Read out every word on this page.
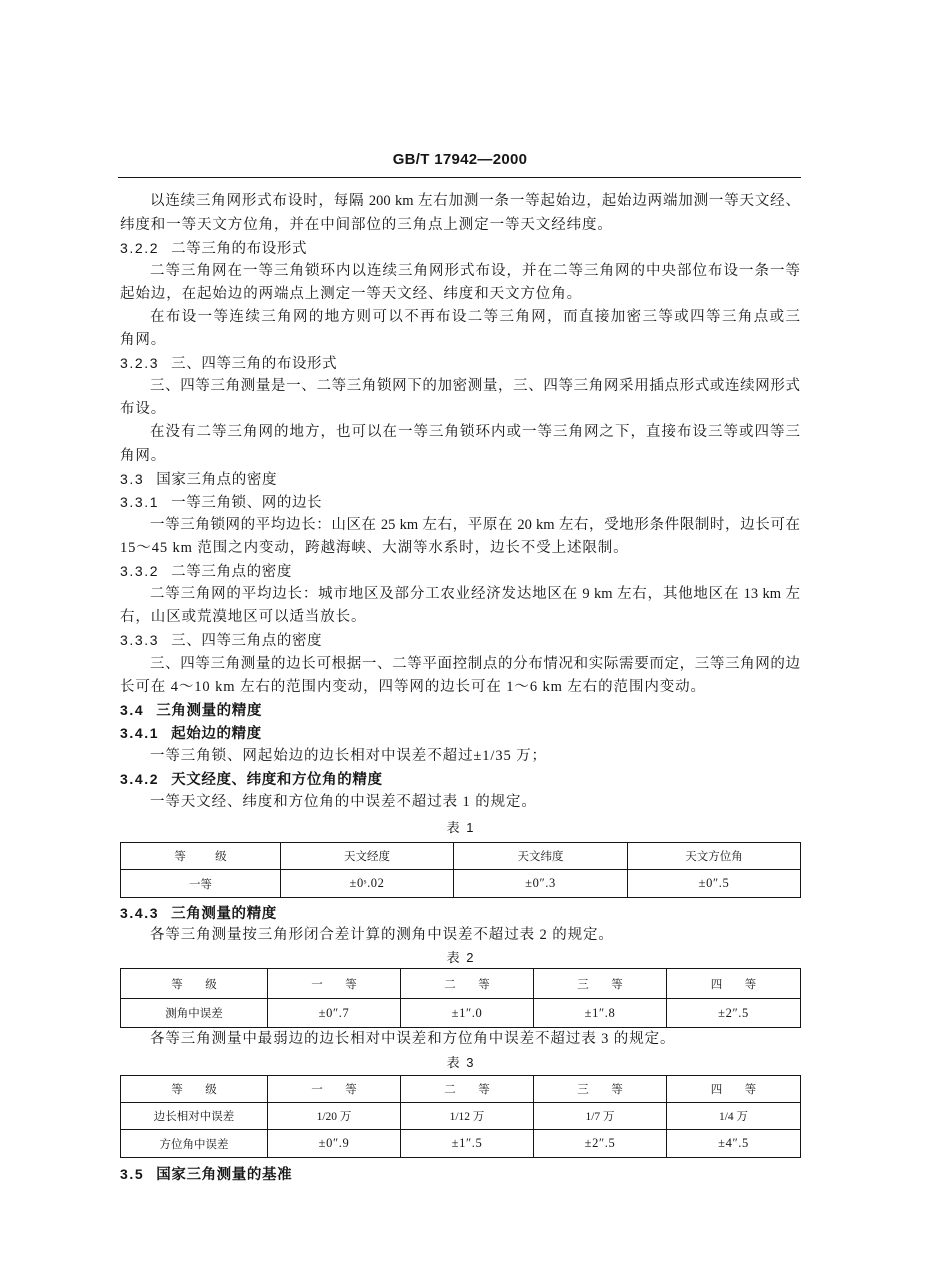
GB/T 17942—2000
以连续三角网形式布设时，每隔 200 km 左右加测一条一等起始边，起始边两端加测一等天文经、
纬度和一等天文方位角，并在中间部位的三角点上测定一等天文经纬度。
3.2.2 二等三角的布设形式
二等三角网在一等三角锁环内以连续三角网形式布设，并在二等三角网的中央部位布设一条一等
起始边，在起始边的两端点上测定一等天文经、纬度和天文方位角。
在布设一等连续三角网的地方则可以不再布设二等三角网，而直接加密三等或四等三角点或三
角网。
3.2.3 三、四等三角的布设形式
三、四等三角测量是一、二等三角锁网下的加密测量，三、四等三角网采用插点形式或连续网形式
布设。
在没有二等三角网的地方，也可以在一等三角锁环内或一等三角网之下，直接布设三等或四等三
角网。
3.3 国家三角点的密度
3.3.1 一等三角锁、网的边长
一等三角锁网的平均边长：山区在 25 km 左右，平原在 20 km 左右，受地形条件限制时，边长可在
15～45 km 范围之内变动，跨越海峡、大湖等水系时，边长不受上述限制。
3.3.2 二等三角点的密度
二等三角网的平均边长：城市地区及部分工农业经济发达地区在 9 km 左右，其他地区在 13 km 左
右，山区或荒漠地区可以适当放长。
3.3.3 三、四等三角点的密度
三、四等三角测量的边长可根据一、二等平面控制点的分布情况和实际需要而定，三等三角网的边
长可在 4～10 km 左右的范围内变动，四等网的边长可在 1～6 km 左右的范围内变动。
3.4 三角测量的精度
3.4.1 起始边的精度
一等三角锁、网起始边的边长相对中误差不超过±1/35 万；
3.4.2 天文经度、纬度和方位角的精度
一等天文经、纬度和方位角的中误差不超过表 1 的规定。
表 1
等 级	天文经度	天文纬度	天文方位角
一等	±0ˢ.02	±0″.3	±0″.5
3.4.3 三角测量的精度
各等三角测量按三角形闭合差计算的测角中误差不超过表 2 的规定。
表 2
等 级	一 等	二 等	三 等	四 等
测角中误差	±0″.7	±1″.0	±1″.8	±2″.5
各等三角测量中最弱边的边长相对中误差和方位角中误差不超过表 3 的规定。
表 3
等 级	一 等	二 等	三 等	四 等
边长相对中误差	1/20 万	1/12 万	1/7 万	1/4 万
方位角中误差	±0″.9	±1″.5	±2″.5	±4″.5
3.5 国家三角测量的基准
